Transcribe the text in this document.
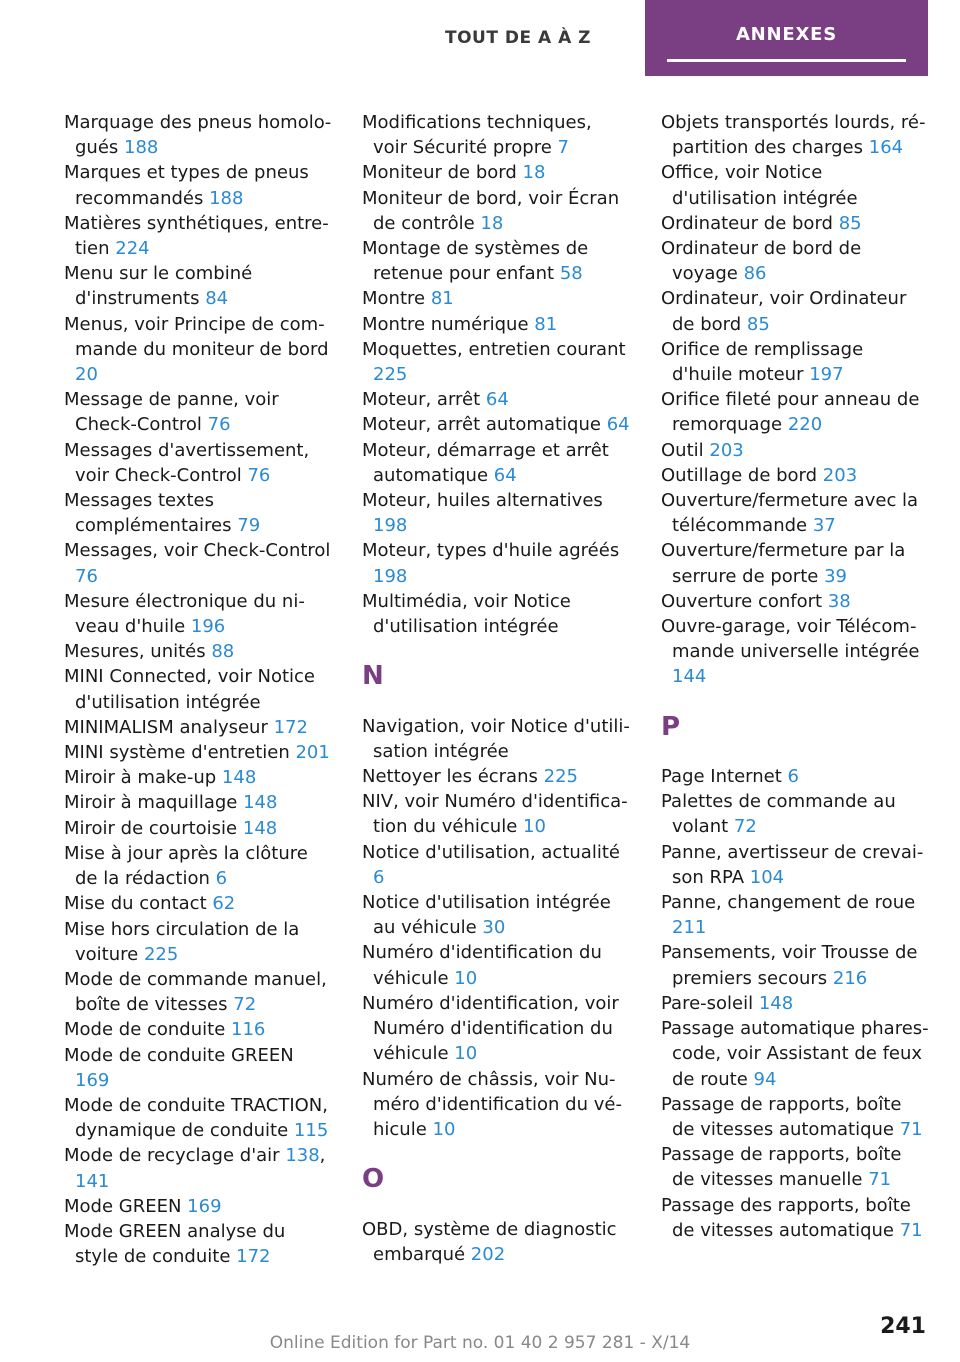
TOUT DE A À Z	ANNEXES

Marquage des pneus homologués 188

Marques et types de pneus recommandés 188

Matières synthétiques, entretien 224

Menu sur le combiné d'instruments 84

Menus, voir Principe de commande du moniteur de bord 20

Message de panne, voir Check-Control 76

Messages d'avertissement, voir Check-Control 76

Messages textes complémentaires 79

Messages, voir Check-Control 76

Mesure électronique du niveau d'huile 196

Mesures, unités 88

MINI Connected, voir Notice d'utilisation intégrée

MINIMALISM analyseur 172

MINI système d'entretien 201

Miroir à make-up 148

Miroir à maquillage 148

Miroir de courtoisie 148

Mise à jour après la clôture de la rédaction 6

Mise du contact 62

Mise hors circulation de la voiture 225

Mode de commande manuel, boîte de vitesses 72

Mode de conduite 116

Mode de conduite GREEN 169

Mode de conduite TRACTION, dynamique de conduite 115

Mode de recyclage d'air 138, 141

Mode GREEN 169

Mode GREEN analyse du style de conduite 172

Modifications techniques, voir Sécurité propre 7

Moniteur de bord 18

Moniteur de bord, voir Écran de contrôle 18

Montage de systèmes de retenue pour enfant 58

Montre 81

Montre numérique 81

Moquettes, entretien courant 225

Moteur, arrêt 64

Moteur, arrêt automatique 64

Moteur, démarrage et arrêt automatique 64

Moteur, huiles alternatives 198

Moteur, types d'huile agréés 198

Multimédia, voir Notice d'utilisation intégrée

N

Navigation, voir Notice d'utilisation intégrée

Nettoyer les écrans 225

NIV, voir Numéro d'identification du véhicule 10

Notice d'utilisation, actualité 6

Notice d'utilisation intégrée au véhicule 30

Numéro d'identification du véhicule 10

Numéro d'identification, voir Numéro d'identification du véhicule 10

Numéro de châssis, voir Numéro d'identification du véhicule 10

O

OBD, système de diagnostic embarqué 202

Objets transportés lourds, répartition des charges 164

Office, voir Notice d'utilisation intégrée

Ordinateur de bord 85

Ordinateur de bord de voyage 86

Ordinateur, voir Ordinateur de bord 85

Orifice de remplissage d'huile moteur 197

Orifice fileté pour anneau de remorquage 220

Outil 203

Outillage de bord 203

Ouverture/fermeture avec la télécommande 37

Ouverture/fermeture par la serrure de porte 39

Ouverture confort 38

Ouvre-garage, voir Télécommande universelle intégrée 144

P

Page Internet 6

Palettes de commande au volant 72

Panne, avertisseur de crevaison RPA 104

Panne, changement de roue 211

Pansements, voir Trousse de premiers secours 216

Pare-soleil 148

Passage automatique phares-code, voir Assistant de feux de route 94

Passage de rapports, boîte de vitesses automatique 71

Passage de rapports, boîte de vitesses manuelle 71

Passage des rapports, boîte de vitesses automatique 71

241
Online Edition for Part no. 01 40 2 957 281 - X/14
